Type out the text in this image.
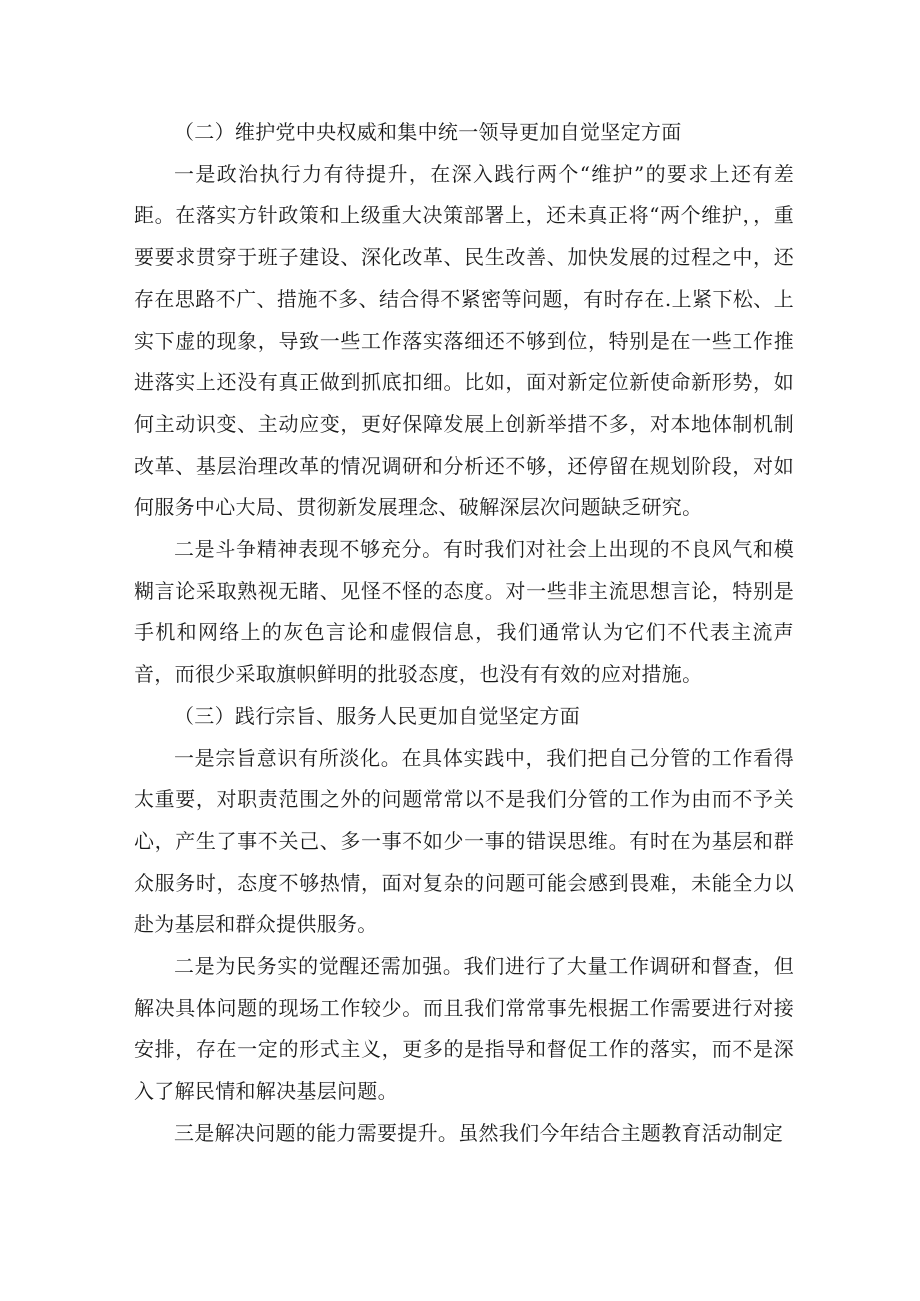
（二）维护党中央权威和集中统一领导更加自觉坚定方面

一是政治执行力有待提升，在深入践行两个“维护”的要求上还有差距。在落实方针政策和上级重大决策部署上，还未真正将“两个维护，，重要要求贯穿于班子建设、深化改革、民生改善、加快发展的过程之中，还存在思路不广、措施不多、结合得不紧密等问题，有时存在.上紧下松、上实下虚的现象，导致一些工作落实落细还不够到位，特别是在一些工作推进落实上还没有真正做到抓底扣细。比如，面对新定位新使命新形势，如何主动识变、主动应变，更好保障发展上创新举措不多，对本地体制机制改革、基层治理改革的情况调研和分析还不够，还停留在规划阶段，对如何服务中心大局、贯彻新发展理念、破解深层次问题缺乏研究。

二是斗争精神表现不够充分。有时我们对社会上出现的不良风气和模糊言论采取熟视无睹、见怪不怪的态度。对一些非主流思想言论，特别是手机和网络上的灰色言论和虚假信息，我们通常认为它们不代表主流声音，而很少采取旗帜鲜明的批驳态度，也没有有效的应对措施。

（三）践行宗旨、服务人民更加自觉坚定方面

一是宗旨意识有所淡化。在具体实践中，我们把自己分管的工作看得太重要，对职责范围之外的问题常常以不是我们分管的工作为由而不予关心，产生了事不关己、多一事不如少一事的错误思维。有时在为基层和群众服务时，态度不够热情，面对复杂的问题可能会感到畏难，未能全力以赴为基层和群众提供服务。

二是为民务实的觉醒还需加强。我们进行了大量工作调研和督查，但解决具体问题的现场工作较少。而且我们常常事先根据工作需要进行对接安排，存在一定的形式主义，更多的是指导和督促工作的落实，而不是深入了解民情和解决基层问题。

三是解决问题的能力需要提升。虽然我们今年结合主题教育活动制定
